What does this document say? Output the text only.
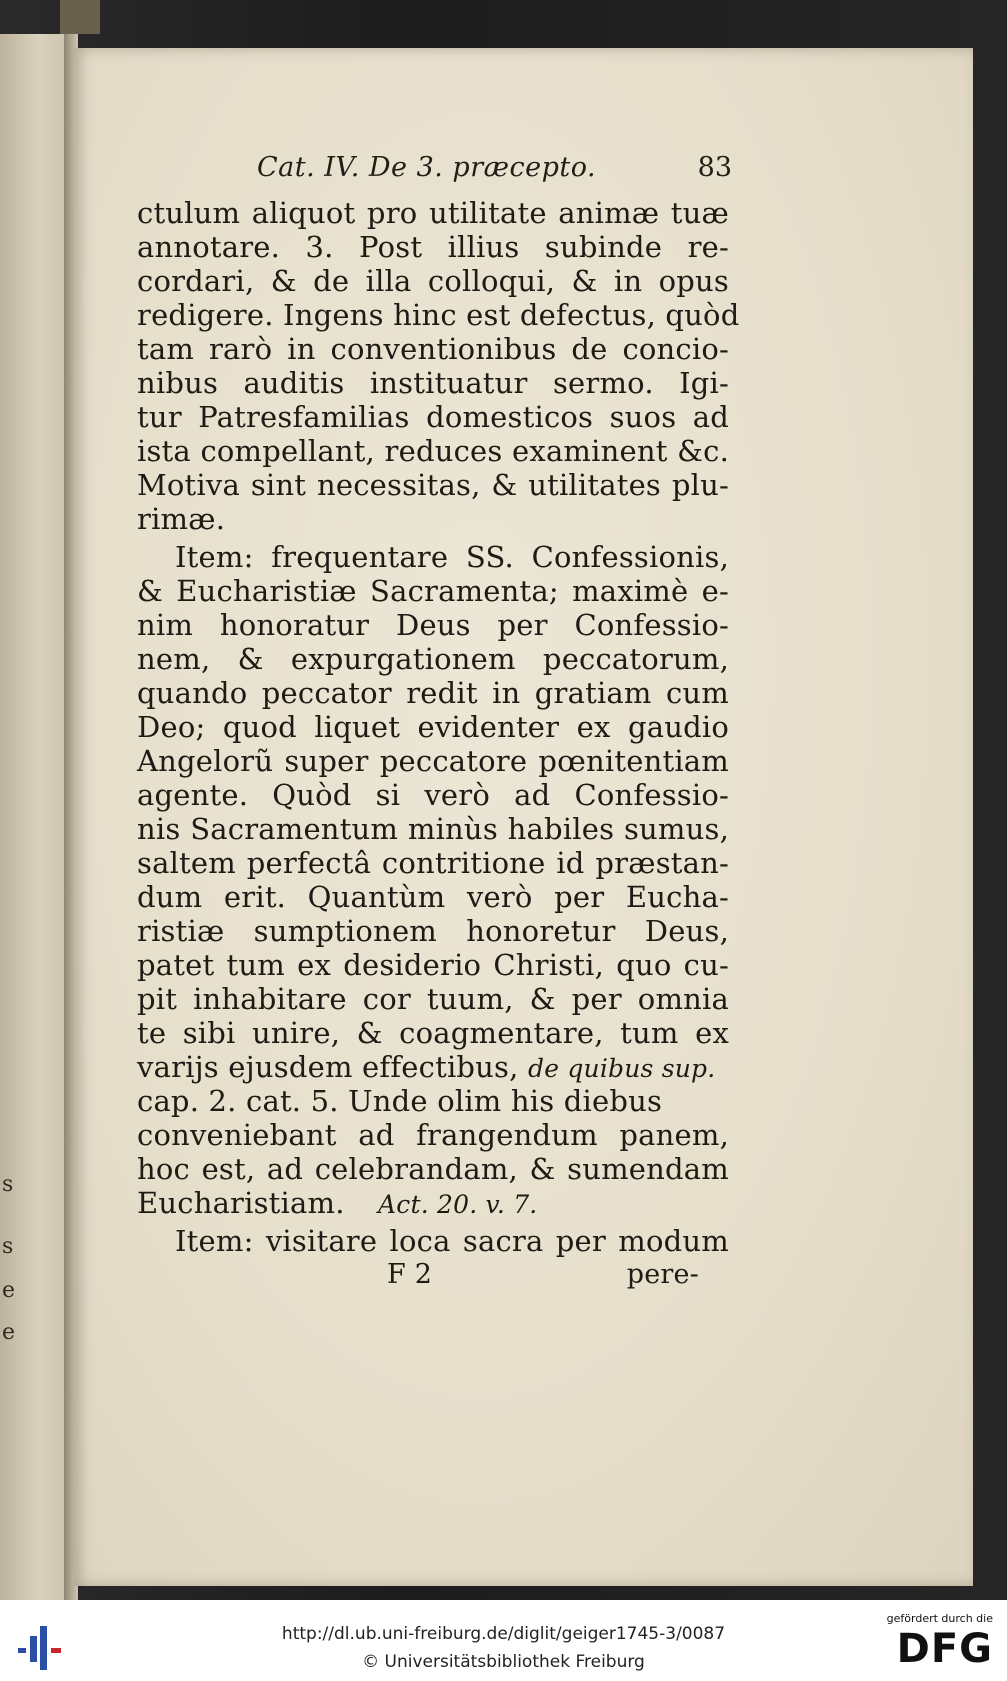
s
s
e
e
Cat. IV. De 3. præcepto.	83
ctulum aliquot pro utilitate animæ tuæ
annotare. 3. Post illius subinde re-
cordari, & de illa colloqui, & in opus
redigere. Ingens hinc est defectus, quòd
tam rarò in conventionibus de concio-
nibus auditis instituatur sermo. Igi-
tur Patresfamilias domesticos suos ad
ista compellant, reduces examinent &c.
Motiva sint necessitas, & utilitates plu-
rimæ.
Item: frequentare SS. Confessionis,
& Eucharistiæ Sacramenta; maximè e-
nim honoratur Deus per Confessio-
nem, & expurgationem peccatorum,
quando peccator redit in gratiam cum
Deo; quod liquet evidenter ex gaudio
Angelorũ super peccatore pœnitentiam
agente. Quòd si verò ad Confessio-
nis Sacramentum minùs habiles sumus,
saltem perfectâ contritione id præstan-
dum erit. Quantùm verò per Eucha-
ristiæ sumptionem honoretur Deus,
patet tum ex desiderio Christi, quo cu-
pit inhabitare cor tuum, & per omnia
te sibi unire, & coagmentare, tum ex
varijs ejusdem effectibus, de quibus sup.
cap. 2. cat. 5. Unde olim his diebus
conveniebant ad frangendum panem,
hoc est, ad celebrandam, & sumendam
Eucharistiam. Act. 20. v. 7.
Item: visitare loca sacra per modum
F 2	pere-
http://dl.ub.uni-freiburg.de/diglit/geiger1745-3/0087
© Universitätsbibliothek Freiburg
gefördert durch die
DFG
